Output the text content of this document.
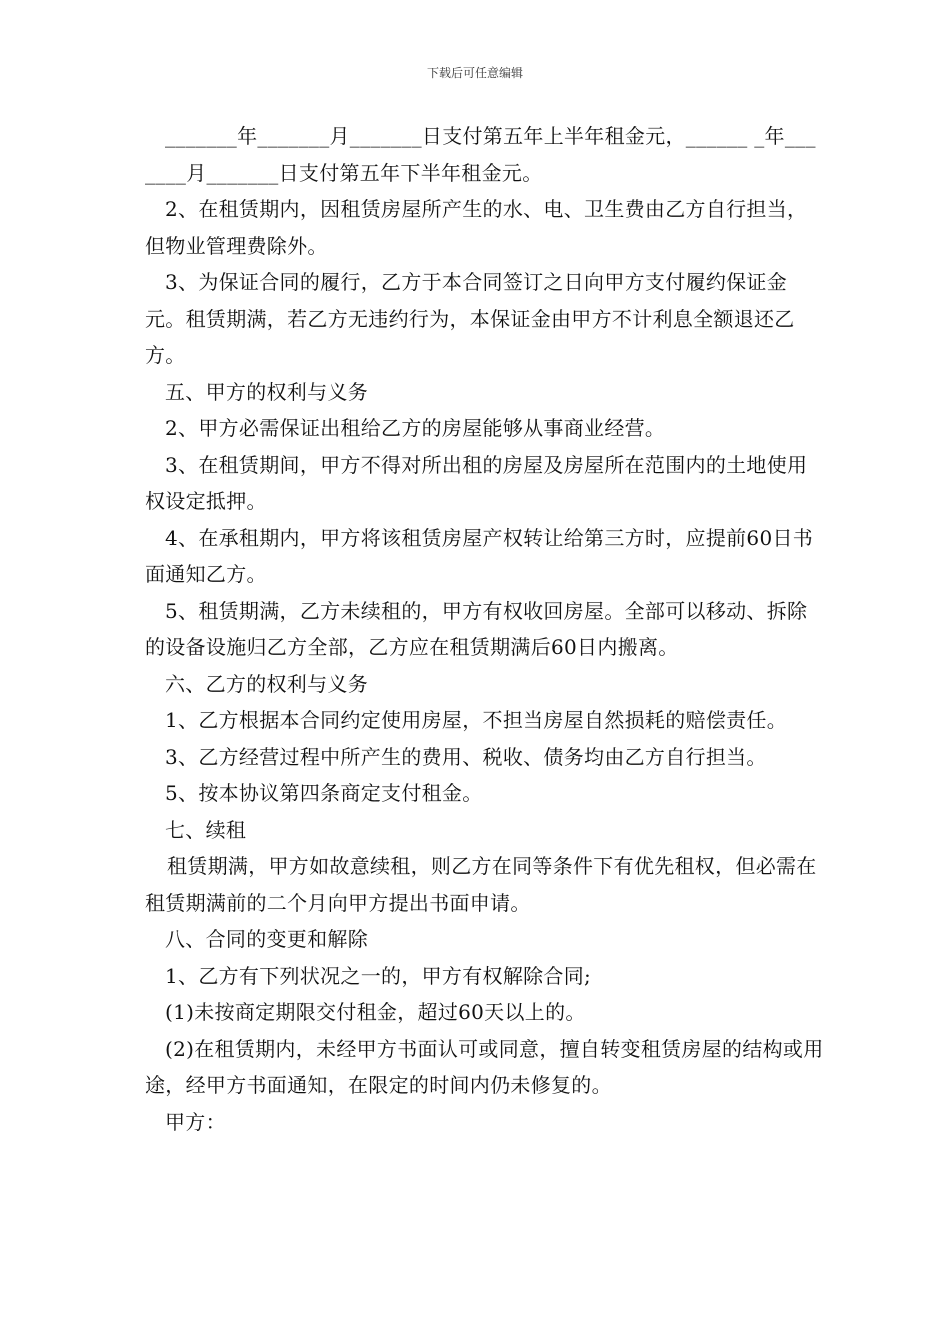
下载后可任意编辑

_______年_______月_______日支付第五年上半年租金元，______ _年_______月_______日支付第五年下半年租金元。

2、在租赁期内，因租赁房屋所产生的水、电、卫生费由乙方自行担当，但物业管理费除外。

3、为保证合同的履行，乙方于本合同签订之日向甲方支付履约保证金元。租赁期满，若乙方无违约行为，本保证金由甲方不计利息全额退还乙方。

五、甲方的权利与义务

2、甲方必需保证出租给乙方的房屋能够从事商业经营。

3、在租赁期间，甲方不得对所出租的房屋及房屋所在范围内的土地使用权设定抵押。

4、在承租期内，甲方将该租赁房屋产权转让给第三方时，应提前60日书面通知乙方。

5、租赁期满，乙方未续租的，甲方有权收回房屋。全部可以移动、拆除的设备设施归乙方全部，乙方应在租赁期满后60日内搬离。

六、乙方的权利与义务

1、乙方根据本合同约定使用房屋，不担当房屋自然损耗的赔偿责任。

3、乙方经营过程中所产生的费用、税收、债务均由乙方自行担当。

5、按本协议第四条商定支付租金。

七、续租

租赁期满，甲方如故意续租，则乙方在同等条件下有优先租权，但必需在租赁期满前的二个月向甲方提出书面申请。

八、合同的变更和解除

1、乙方有下列状况之一的，甲方有权解除合同;

(1)未按商定期限交付租金，超过60天以上的。

(2)在租赁期内，未经甲方书面认可或同意，擅自转变租赁房屋的结构或用途，经甲方书面通知，在限定的时间内仍未修复的。

甲方：
